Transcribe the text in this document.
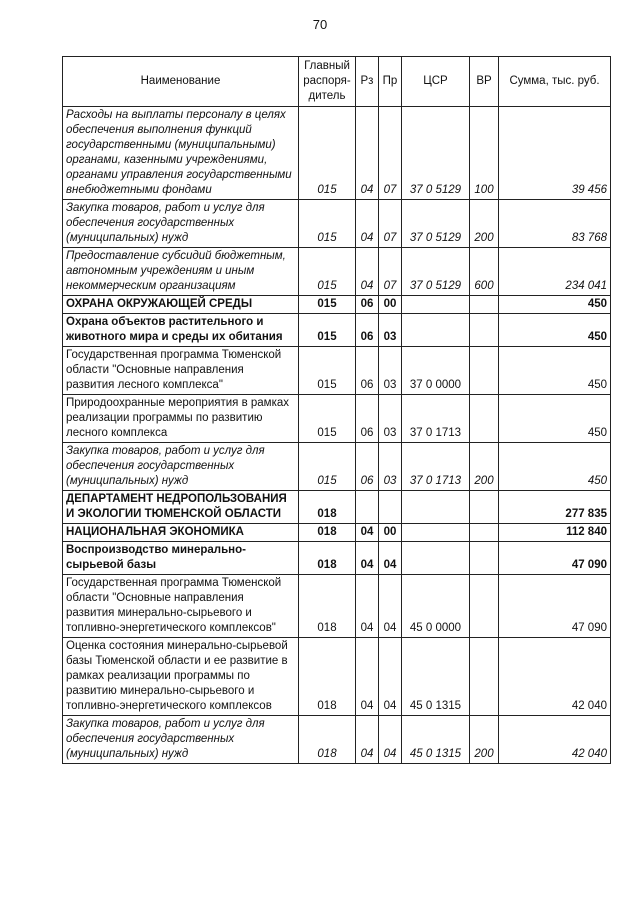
70
Наименование	Главный распоря-дитель	Рз	Пр	ЦСР	ВР	Сумма, тыс. руб.
Расходы на выплаты персоналу в целях обеспечения выполнения функций государственными (муниципальными) органами, казенными учреждениями, органами управления государственными внебюджетными фондами	015	04	07	37 0 5129	100	39 456
Закупка товаров, работ и услуг для обеспечения государственных (муниципальных) нужд	015	04	07	37 0 5129	200	83 768
Предоставление субсидий бюджетным, автономным учреждениям и иным некоммерческим организациям	015	04	07	37 0 5129	600	234 041
ОХРАНА ОКРУЖАЮЩЕЙ СРЕДЫ	015	06	00			450
Охрана объектов растительного и животного мира и среды их обитания	015	06	03			450
Государственная программа Тюменской области "Основные направления развития лесного комплекса"	015	06	03	37 0 0000		450
Природоохранные мероприятия в рамках реализации программы по развитию лесного комплекса	015	06	03	37 0 1713		450
Закупка товаров, работ и услуг для обеспечения государственных (муниципальных) нужд	015	06	03	37 0 1713	200	450
ДЕПАРТАМЕНТ НЕДРОПОЛЬЗОВАНИЯ И ЭКОЛОГИИ ТЮМЕНСКОЙ ОБЛАСТИ	018					277 835
НАЦИОНАЛЬНАЯ ЭКОНОМИКА	018	04	00			112 840
Воспроизводство минерально-сырьевой базы	018	04	04			47 090
Государственная программа Тюменской области "Основные направления развития минерально-сырьевого и топливно-энергетического комплексов"	018	04	04	45 0 0000		47 090
Оценка состояния минерально-сырьевой базы Тюменской области и ее развитие в рамках реализации программы по развитию минерально-сырьевого и топливно-энергетического комплексов	018	04	04	45 0 1315		42 040
Закупка товаров, работ и услуг для обеспечения государственных (муниципальных) нужд	018	04	04	45 0 1315	200	42 040
